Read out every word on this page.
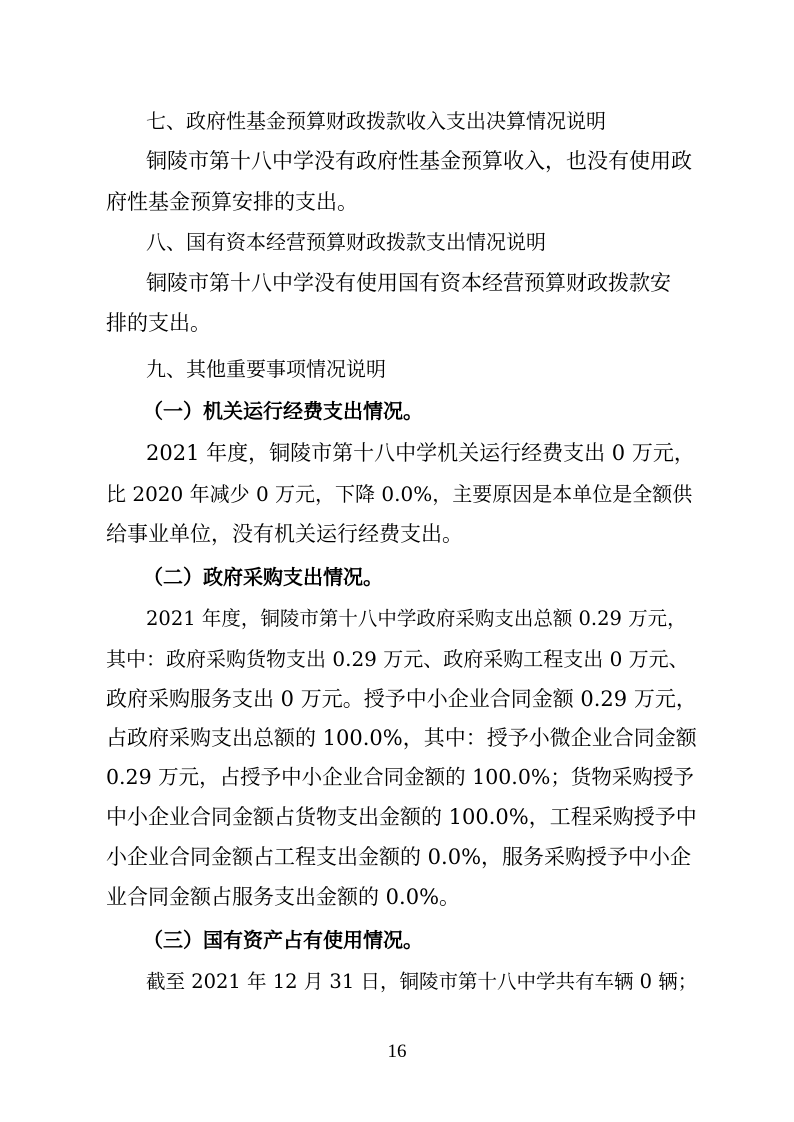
七、政府性基金预算财政拨款收入支出决算情况说明
铜陵市第十八中学没有政府性基金预算收入，也没有使用政
府性基金预算安排的支出。
八、国有资本经营预算财政拨款支出情况说明
铜陵市第十八中学没有使用国有资本经营预算财政拨款安
排的支出。
九、其他重要事项情况说明
（一）机关运行经费支出情况。
2021 年度，铜陵市第十八中学机关运行经费支出 0 万元，
比 2020 年减少 0 万元，下降 0.0%，主要原因是本单位是全额供
给事业单位，没有机关运行经费支出。
（二）政府采购支出情况。
2021 年度，铜陵市第十八中学政府采购支出总额 0.29 万元，
其中：政府采购货物支出 0.29 万元、政府采购工程支出 0 万元、
政府采购服务支出 0 万元。授予中小企业合同金额 0.29 万元，
占政府采购支出总额的 100.0%，其中：授予小微企业合同金额
0.29 万元，占授予中小企业合同金额的 100.0%；货物采购授予
中小企业合同金额占货物支出金额的 100.0%，工程采购授予中
小企业合同金额占工程支出金额的 0.0%，服务采购授予中小企
业合同金额占服务支出金额的 0.0%。
（三）国有资产占有使用情况。
截至 2021 年 12 月 31 日，铜陵市第十八中学共有车辆 0 辆；
16
